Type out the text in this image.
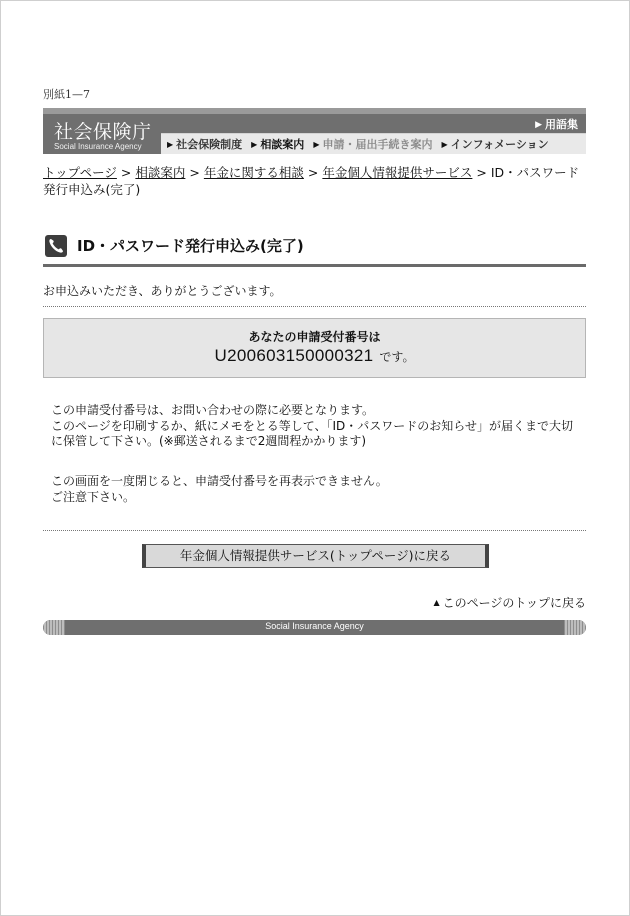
別紙1—7
社会保険庁
Social Insurance Agency
▶ 用語集
▶ 社会保険制度 ▶ 相談案内 ▶ 申請・届出手続き案内 ▶ インフォメーション
トップページ > 相談案内 > 年金に関する相談 > 年金個人情報提供サービス > ID・パスワード発行申込み(完了)
ID・パスワード発行申込み(完了)
お申込みいただき、ありがとうございます。
あなたの申請受付番号は
U200603150000321 です。
この申請受付番号は、お問い合わせの際に必要となります。
このページを印刷するか、紙にメモをとる等して、「ID・パスワードのお知らせ」が届くまで大切
に保管して下さい。(※郵送されるまで2週間程かかります)
この画面を一度閉じると、申請受付番号を再表示できません。
ご注意下さい。
年金個人情報提供サービス(トップページ)に戻る
▲ このページのトップに戻る
Social Insurance Agency
